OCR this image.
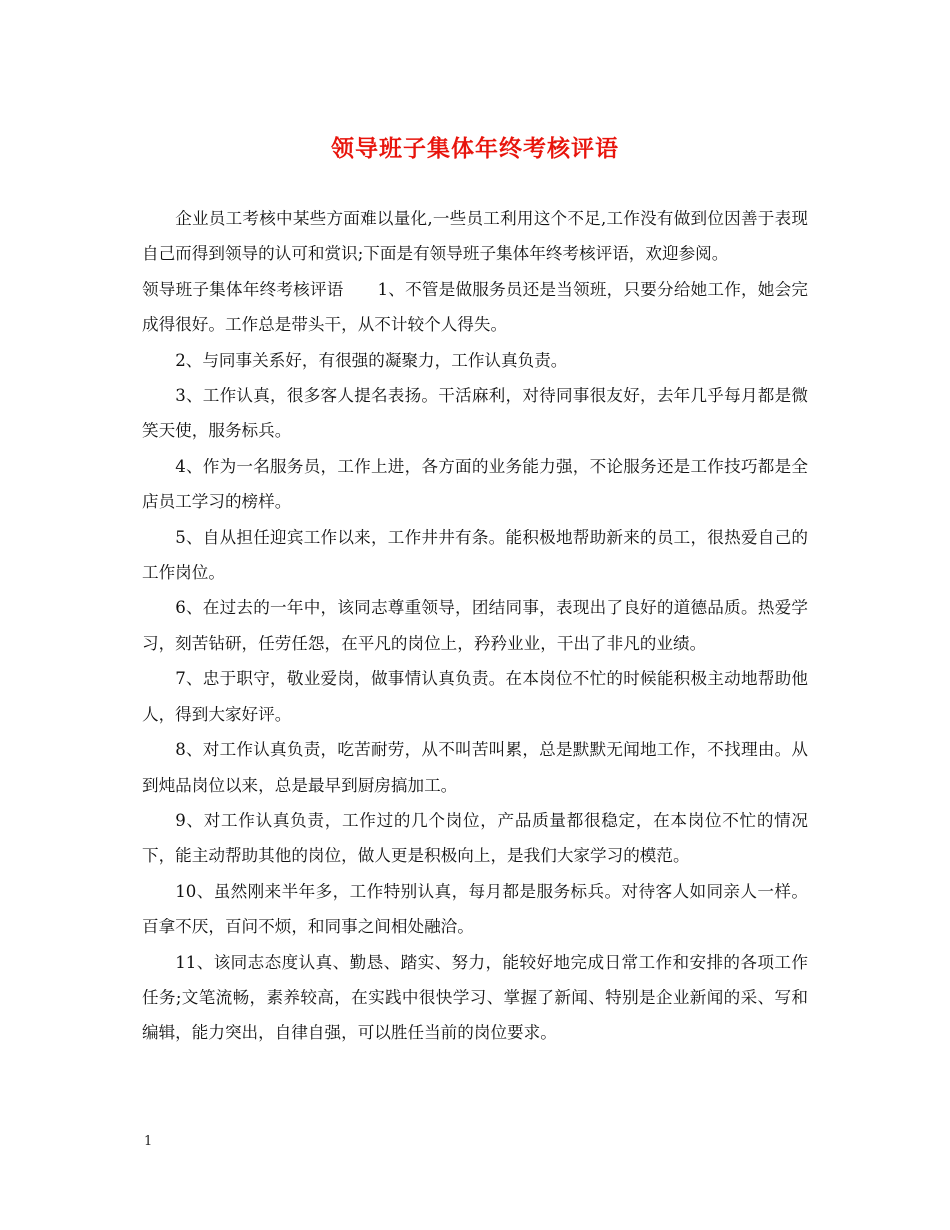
领导班子集体年终考核评语

企业员工考核中某些方面难以量化,一些员工利用这个不足,工作没有做到位因善于表现自己而得到领导的认可和赏识;下面是有领导班子集体年终考核评语，欢迎参阅。

领导班子集体年终考核评语 1、不管是做服务员还是当领班，只要分给她工作，她会完成得很好。工作总是带头干，从不计较个人得失。

2、与同事关系好，有很强的凝聚力，工作认真负责。

3、工作认真，很多客人提名表扬。干活麻利，对待同事很友好，去年几乎每月都是微笑天使，服务标兵。

4、作为一名服务员，工作上进，各方面的业务能力强，不论服务还是工作技巧都是全店员工学习的榜样。

5、自从担任迎宾工作以来，工作井井有条。能积极地帮助新来的员工，很热爱自己的工作岗位。

6、在过去的一年中，该同志尊重领导，团结同事，表现出了良好的道德品质。热爱学习，刻苦钻研，任劳任怨，在平凡的岗位上，矜矜业业，干出了非凡的业绩。

7、忠于职守，敬业爱岗，做事情认真负责。在本岗位不忙的时候能积极主动地帮助他人，得到大家好评。

8、对工作认真负责，吃苦耐劳，从不叫苦叫累，总是默默无闻地工作，不找理由。从到炖品岗位以来，总是最早到厨房搞加工。

9、对工作认真负责，工作过的几个岗位，产品质量都很稳定，在本岗位不忙的情况下，能主动帮助其他的岗位，做人更是积极向上，是我们大家学习的模范。

10、虽然刚来半年多，工作特别认真，每月都是服务标兵。对待客人如同亲人一样。百拿不厌，百问不烦，和同事之间相处融洽。

11、该同志态度认真、勤恳、踏实、努力，能较好地完成日常工作和安排的各项工作任务;文笔流畅，素养较高，在实践中很快学习、掌握了新闻、特别是企业新闻的采、写和编辑，能力突出，自律自强，可以胜任当前的岗位要求。

1
